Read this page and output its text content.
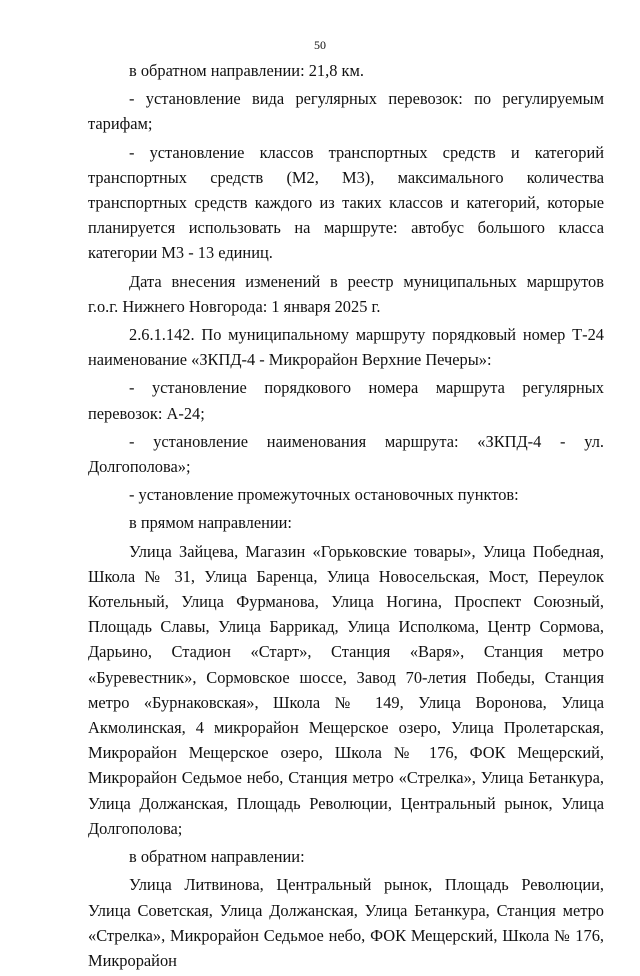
50

в обратном направлении: 21,8 км.

- установление вида регулярных перевозок: по регулируемым тарифам;

- установление классов транспортных средств и категорий транспортных средств (М2, М3), максимального количества транспортных средств каждого из таких классов и категорий, которые планируется использовать на маршруте: автобус большого класса категории М3 - 13 единиц.

Дата внесения изменений в реестр муниципальных маршрутов г.о.г. Нижнего Новгорода: 1 января 2025 г.

2.6.1.142. По муниципальному маршруту порядковый номер Т-24 наименование «ЗКПД-4 - Микрорайон Верхние Печеры»:

- установление порядкового номера маршрута регулярных перевозок: А-24;

- установление наименования маршрута: «ЗКПД-4 - ул. Долгополова»;

- установление промежуточных остановочных пунктов:

в прямом направлении:

Улица Зайцева, Магазин «Горьковские товары», Улица Победная, Школа № 31, Улица Баренца, Улица Новосельская, Мост, Переулок Котельный, Улица Фурманова, Улица Ногина, Проспект Союзный, Площадь Славы, Улица Баррикад, Улица Исполкома, Центр Сормова, Дарьино, Стадион «Старт», Станция «Варя», Станция метро «Буревестник», Сормовское шоссе, Завод 70-летия Победы, Станция метро «Бурнаковская», Школа № 149, Улица Воронова, Улица Акмолинская, 4 микрорайон Мещерское озеро, Улица Пролетарская, Микрорайон Мещерское озеро, Школа № 176, ФОК Мещерский, Микрорайон Седьмое небо, Станция метро «Стрелка», Улица Бетанкура, Улица Должанская, Площадь Революции, Центральный рынок, Улица Долгополова;

в обратном направлении:

Улица Литвинова, Центральный рынок, Площадь Революции, Улица Советская, Улица Должанская, Улица Бетанкура, Станция метро «Стрелка», Микрорайон Седьмое небо, ФОК Мещерский, Школа № 176, Микрорайон
